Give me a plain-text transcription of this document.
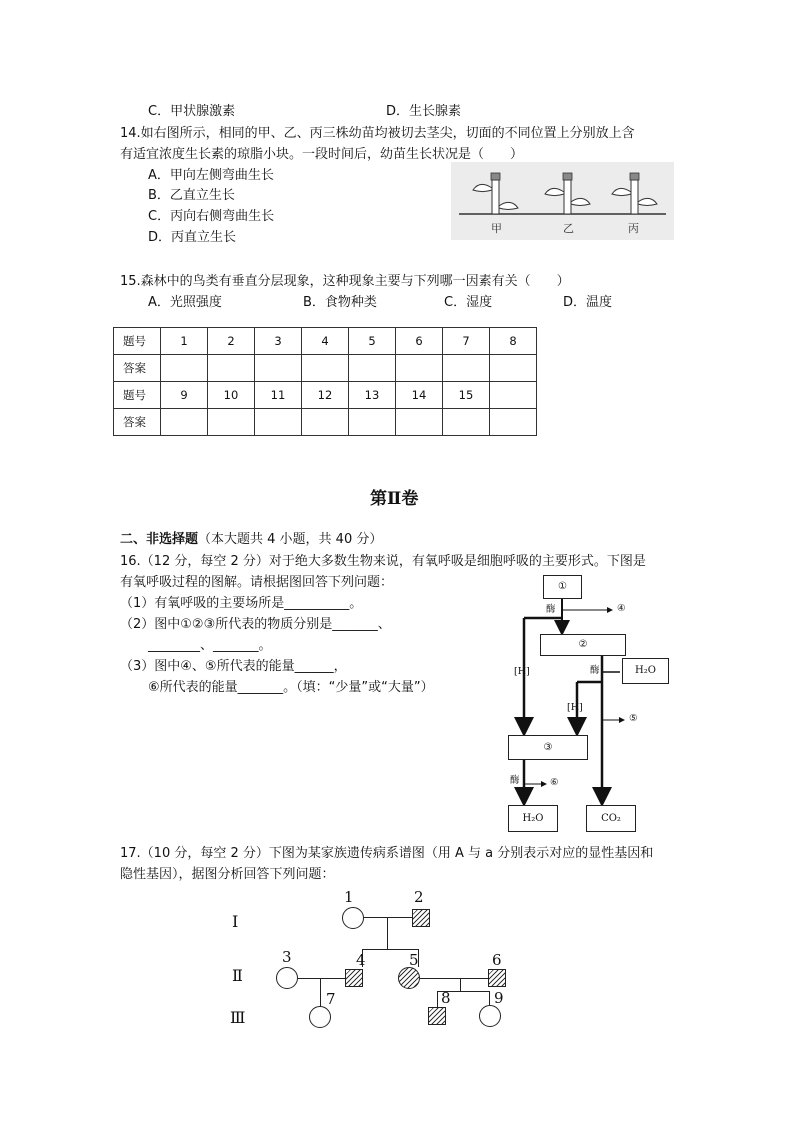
C．甲状腺激素	D．生长腺素
14.如右图所示，相同的甲、乙、丙三株幼苗均被切去茎尖，切面的不同位置上分别放上含
有适宜浓度生长素的琼脂小块。一段时间后，幼苗生长状况是（　　）
A．甲向左侧弯曲生长
B．乙直立生长
C．丙向右侧弯曲生长
D．丙直立生长
甲	乙	丙
15.森林中的鸟类有垂直分层现象，这种现象主要与下列哪一因素有关（　　）
A．光照强度	B．食物种类	C．湿度	D．温度
题号	1	2	3	4	5	6	7	8
答案								
题号	9	10	11	12	13	14	15	
答案								
第Ⅱ卷
二、非选择题（本大题共 4 小题，共 40 分）
16.（12 分，每空 2 分）对于绝大多数生物来说，有氧呼吸是细胞呼吸的主要形式。下图是
有氧呼吸过程的图解。请根据图回答下列问题：
（1）有氧呼吸的主要场所是__________。
（2）图中①②③所代表的物质分别是_______、
________、_______。
（3）图中④、⑤所代表的能量______，
⑥所代表的能量_______。（填：“少量”或“大量”）
①
②
H₂O
③
H₂O	CO₂
酶	④
[H]	酶
[H]
⑤
酶	⑥
17.（10 分，每空 2 分）下图为某家族遗传病系谱图（用 A 与 a 分别表示对应的显性基因和
隐性基因），据图分析回答下列问题：
Ⅰ
Ⅱ
Ⅲ
1	2
3	4	5	6
7	8	9
